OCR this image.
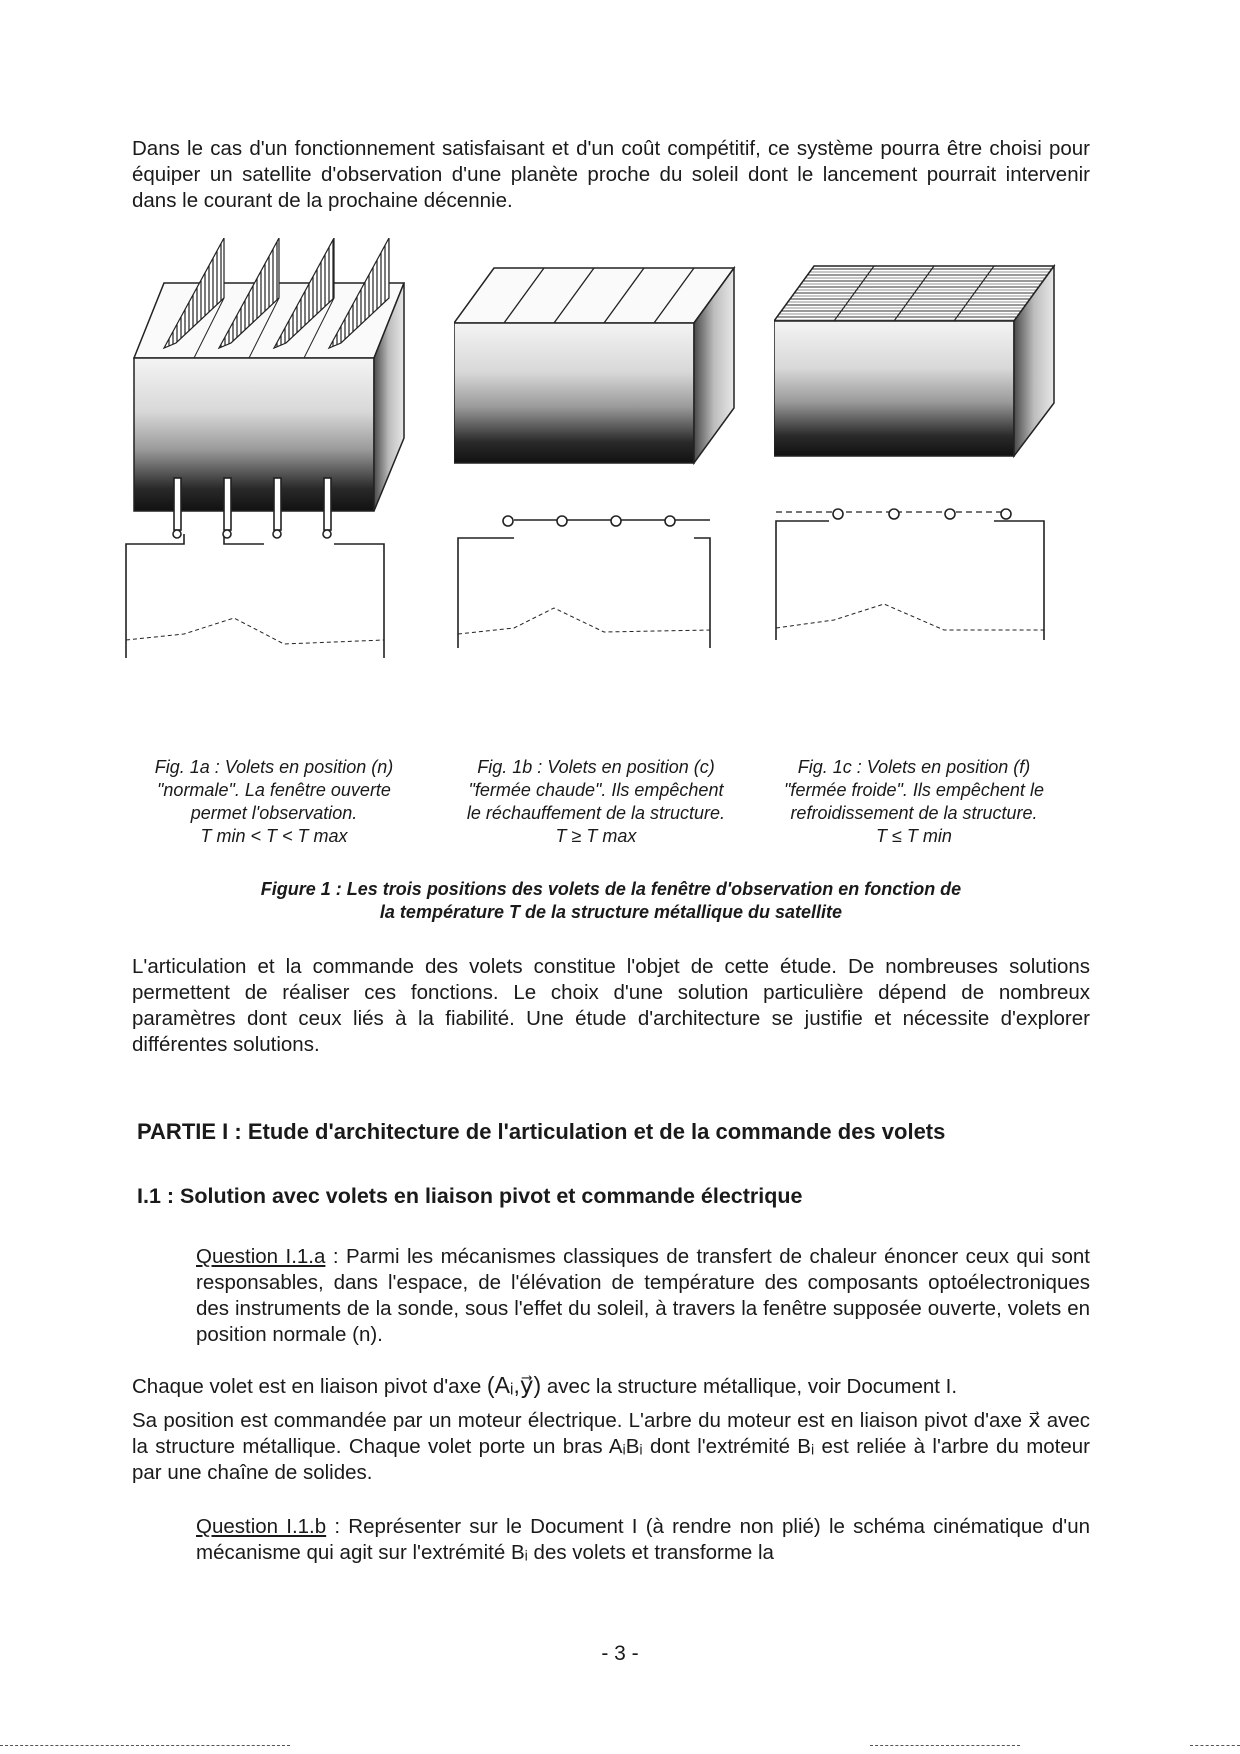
Dans le cas d'un fonctionnement satisfaisant et d'un coût compétitif, ce système pourra être choisi pour équiper un satellite d'observation d'une planète proche du soleil dont le lancement pourrait intervenir dans le courant de la prochaine décennie.

Fig. 1a : Volets en position (n)
"normale". La fenêtre ouverte
permet l'observation.
T min < T < T max

Fig. 1b : Volets en position (c)
"fermée chaude". Ils empêchent
le réchauffement de la structure.
T ≥ T max

Fig. 1c : Volets en position (f)
"fermée froide". Ils empêchent le
refroidissement de la structure.
T ≤ T min

Figure 1 : Les trois positions des volets de la fenêtre d'observation en fonction de
la température T de la structure métallique du satellite

L'articulation et la commande des volets constitue l'objet de cette étude. De nombreuses solutions permettent de réaliser ces fonctions. Le choix d'une solution particulière dépend de nombreux paramètres dont ceux liés à la fiabilité. Une étude d'architecture se justifie et nécessite d'explorer différentes solutions.

PARTIE I : Etude d'architecture de l'articulation et de la commande des volets
I.1 : Solution avec volets en liaison pivot et commande électrique

Question I.1.a : Parmi les mécanismes classiques de transfert de chaleur énoncer ceux qui sont responsables, dans l'espace, de l'élévation de température des composants optoélectroniques des instruments de la sonde, sous l'effet du soleil, à travers la fenêtre supposée ouverte, volets en position normale (n).

Chaque volet est en liaison pivot d'axe (Aᵢ,y⃗) avec la structure métallique, voir Document I.

Sa position est commandée par un moteur électrique. L'arbre du moteur est en liaison pivot d'axe x⃗ avec la structure métallique. Chaque volet porte un bras AᵢBᵢ dont l'extrémité Bᵢ est reliée à l'arbre du moteur par une chaîne de solides.

Question I.1.b : Représenter sur le Document I (à rendre non plié) le schéma cinématique d'un mécanisme qui agit sur l'extrémité Bᵢ des volets et transforme la

- 3 -
